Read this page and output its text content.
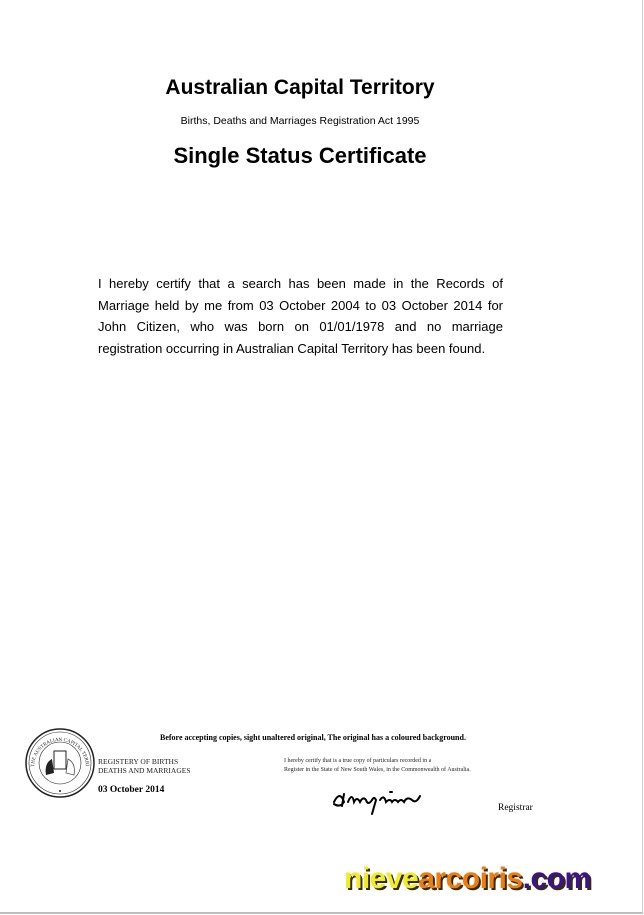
Australian Capital Territory
Births, Deaths and Marriages Registration Act 1995
Single Status Certificate
I hereby certify that a search has been made in the Records of Marriage held by me from 03 October 2004 to 03 October 2014 for John Citizen, who was born on 01/01/1978 and no marriage registration occurring in Australian Capital Territory has been found.
THE AUSTRALIAN CAPITAL TERRI
Before accepting copies, sight unaltered original, The original has a coloured background.
REGISTERY OF BIRTHS
DEATHS AND MARRIAGES
03 October 2014
I hereby certify that is a true copy of particulars recorded in a
Register in the State of New South Wales, in the Commonwealth of Australia.
Registrar
nievearcoiris.com
